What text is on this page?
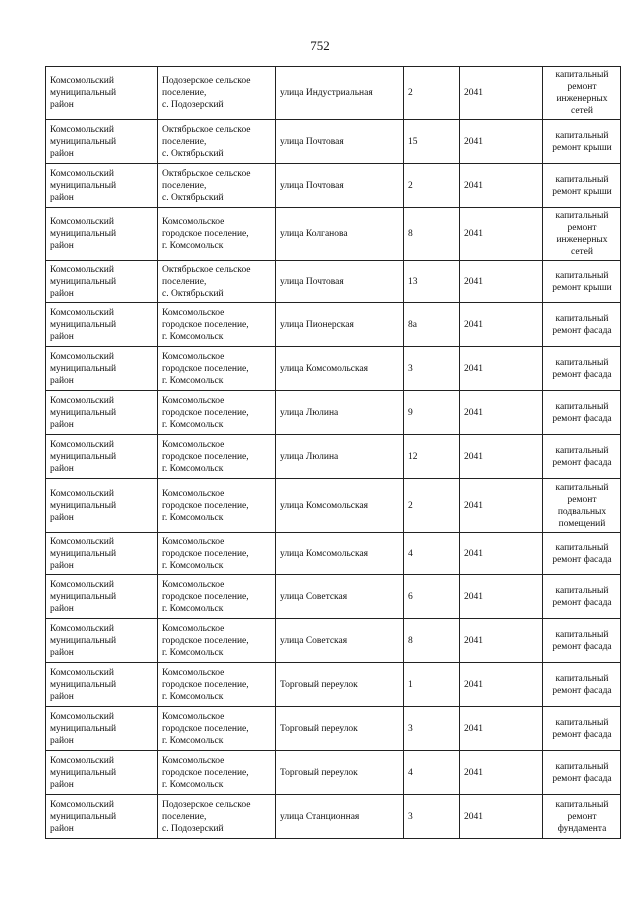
752
Комсомольский
муниципальный
район	Подозерское сельское
поселение,
с. Подозерский	улица Индустриальная	2	2041	капитальный
ремонт
инженерных
сетей
Комсомольский
муниципальный
район	Октябрьское сельское
поселение,
с. Октябрьский	улица Почтовая	15	2041	капитальный
ремонт крыши
Комсомольский
муниципальный
район	Октябрьское сельское
поселение,
с. Октябрьский	улица Почтовая	2	2041	капитальный
ремонт крыши
Комсомольский
муниципальный
район	Комсомольское
городское поселение,
г. Комсомольск	улица Колганова	8	2041	капитальный
ремонт
инженерных
сетей
Комсомольский
муниципальный
район	Октябрьское сельское
поселение,
с. Октябрьский	улица Почтовая	13	2041	капитальный
ремонт крыши
Комсомольский
муниципальный
район	Комсомольское
городское поселение,
г. Комсомольск	улица Пионерская	8а	2041	капитальный
ремонт фасада
Комсомольский
муниципальный
район	Комсомольское
городское поселение,
г. Комсомольск	улица Комсомольская	3	2041	капитальный
ремонт фасада
Комсомольский
муниципальный
район	Комсомольское
городское поселение,
г. Комсомольск	улица Люлина	9	2041	капитальный
ремонт фасада
Комсомольский
муниципальный
район	Комсомольское
городское поселение,
г. Комсомольск	улица Люлина	12	2041	капитальный
ремонт фасада
Комсомольский
муниципальный
район	Комсомольское
городское поселение,
г. Комсомольск	улица Комсомольская	2	2041	капитальный
ремонт
подвальных
помещений
Комсомольский
муниципальный
район	Комсомольское
городское поселение,
г. Комсомольск	улица Комсомольская	4	2041	капитальный
ремонт фасада
Комсомольский
муниципальный
район	Комсомольское
городское поселение,
г. Комсомольск	улица Советская	6	2041	капитальный
ремонт фасада
Комсомольский
муниципальный
район	Комсомольское
городское поселение,
г. Комсомольск	улица Советская	8	2041	капитальный
ремонт фасада
Комсомольский
муниципальный
район	Комсомольское
городское поселение,
г. Комсомольск	Торговый переулок	1	2041	капитальный
ремонт фасада
Комсомольский
муниципальный
район	Комсомольское
городское поселение,
г. Комсомольск	Торговый переулок	3	2041	капитальный
ремонт фасада
Комсомольский
муниципальный
район	Комсомольское
городское поселение,
г. Комсомольск	Торговый переулок	4	2041	капитальный
ремонт фасада
Комсомольский
муниципальный
район	Подозерское сельское
поселение,
с. Подозерский	улица Станционная	3	2041	капитальный
ремонт
фундамента
